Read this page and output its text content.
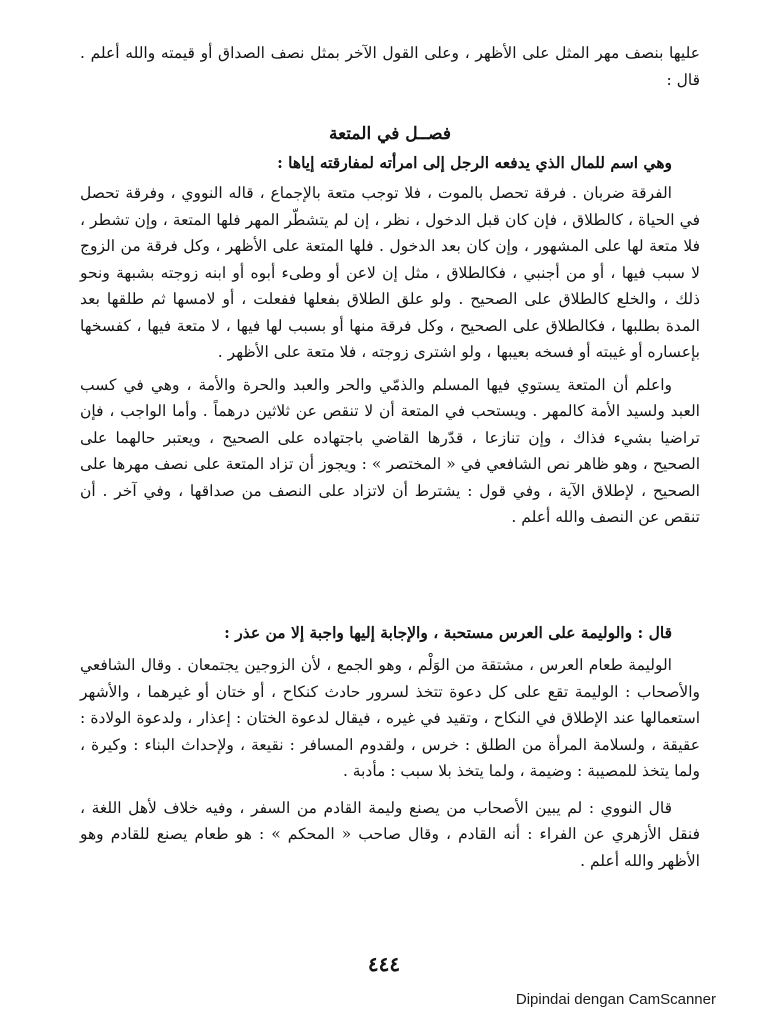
عليها بنصف مهر المثل على الأظهر ، وعلى القول الآخر بمثل نصف الصداق أو قيمته والله أعلم . قال :

فصــل في المتعة
وهي اسم للمال الذي يدفعه الرجل إلى امرأته لمفارقته إياها :

الفرقة ضربان . فرقة تحصل بالموت ، فلا توجب متعة بالإجماع ، قاله النووي ، وفرقة تحصل في الحياة ، كالطلاق ، فإن كان قبل الدخول ، نظر ، إن لم يتشطّر المهر فلها المتعة ، وإن تشطر ، فلا متعة لها على المشهور ، وإن كان بعد الدخول . فلها المتعة على الأظهر ، وكل فرقة من الزوج لا سبب فيها ، أو من أجنبي ، فكالطلاق ، مثل إن لاعن أو وطىء أبوه أو ابنه زوجته بشبهة ونحو ذلك ، والخلع كالطلاق على الصحيح . ولو علق الطلاق بفعلها ففعلت ، أو لامسها ثم طلقها بعد المدة بطلبها ، فكالطلاق على الصحيح ، وكل فرقة منها أو بسبب لها فيها ، لا متعة فيها ، كفسخها بإعساره أو غيبته أو فسخه بعيبها ، ولو اشترى زوجته ، فلا متعة على الأظهر .

واعلم أن المتعة يستوي فيها المسلم والذمّي والحر والعبد والحرة والأمة ، وهي في كسب العبد ولسيد الأمة كالمهر . ويستحب في المتعة أن لا تنقص عن ثلاثين درهماً . وأما الواجب ، فإن تراضيا بشيء فذاك ، وإن تنازعا ، قدّرها القاضي باجتهاده على الصحيح ، ويعتبر حالهما على الصحيح ، وهو ظاهر نص الشافعي في « المختصر » : ويجوز أن تزاد المتعة على نصف مهرها على الصحيح ، لإطلاق الآية ، وفي قول : يشترط أن لاتزاد على النصف من صداقها ، وفي آخر . أن تنقص عن النصف والله أعلم .

قال : والوليمة على العرس مستحبة ، والإجابة إليها واجبة إلا من عذر :

الوليمة طعام العرس ، مشتقة من الوَلْم ، وهو الجمع ، لأن الزوجين يجتمعان . وقال الشافعي والأصحاب : الوليمة تقع على كل دعوة تتخذ لسرور حادث كنكاح ، أو ختان أو غيرهما ، والأشهر استعمالها عند الإطلاق في النكاح ، وتقيد في غيره ، فيقال لدعوة الختان : إعذار ، ولدعوة الولادة : عقيقة ، ولسلامة المرأة من الطلق : خرس ، ولقدوم المسافر : نقيعة ، ولإحداث البناء : وكيرة ، ولما يتخذ للمصيبة : وضيمة ، ولما يتخذ بلا سبب : مأدبة .

قال النووي : لم يبين الأصحاب من يصنع وليمة القادم من السفر ، وفيه خلاف لأهل اللغة ، فنقل الأزهري عن الفراء : أنه القادم ، وقال صاحب « المحكم » : هو طعام يصنع للقادم وهو الأظهر والله أعلم .

٤٤٤
Dipindai dengan CamScanner
